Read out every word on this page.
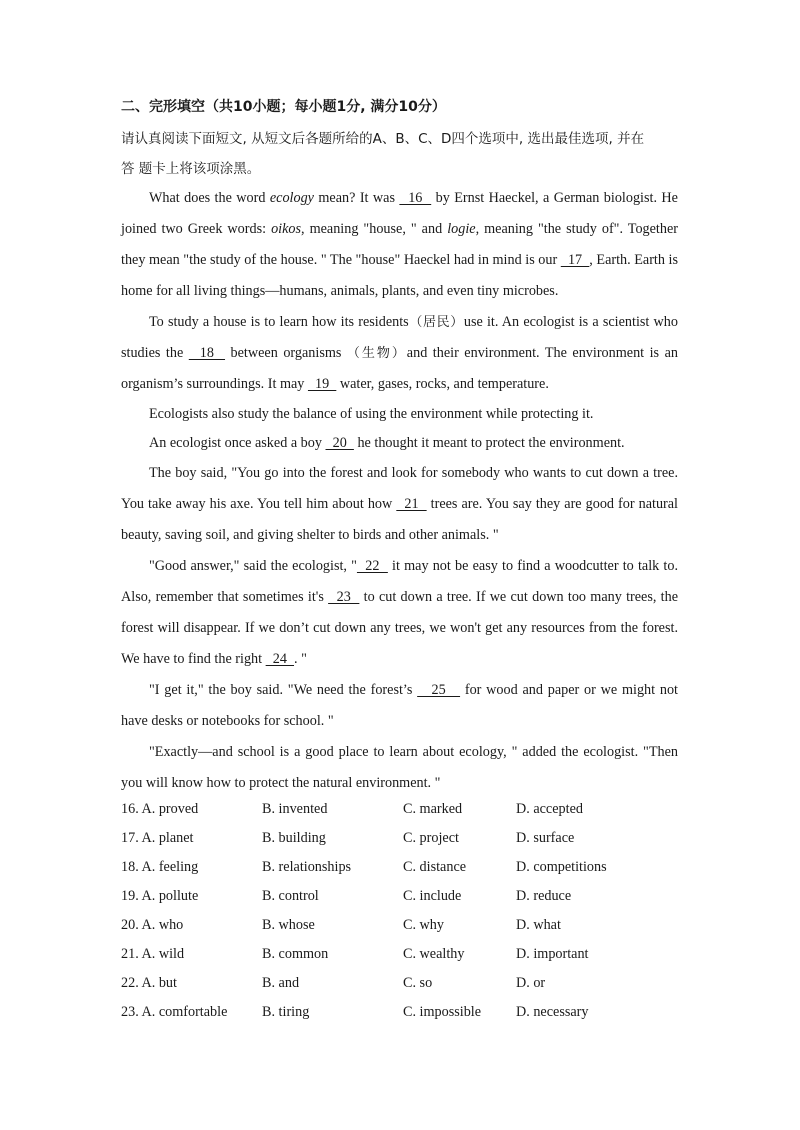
二、完形填空（共10小题；每小题1分, 满分10分）
请认真阅读下面短文, 从短文后各题所给的A、B、C、D四个选项中, 选出最佳选项, 并在
答 题卡上将该项涂黑。

What does the word ecology mean? It was   16   by Ernst Haeckel, a German biologist. He joined two Greek words: oikos, meaning "house, " and logie, meaning "the study of". Together they mean "the study of the house. " The "house" Haeckel had in mind is our   17  , Earth. Earth is home for all living things—humans, animals, plants, and even tiny microbes.

To study a house is to learn how its residents（居民）use it. An ecologist is a scientist who studies the   18   between organisms （生物）and their environment. The environment is an organism’s surroundings. It may   19   water, gases, rocks, and temperature.

Ecologists also study the balance of using the environment while protecting it.

An ecologist once asked a boy   20   he thought it meant to protect the environment.

The boy said, "You go into the forest and look for somebody who wants to cut down a tree. You take away his axe. You tell him about how   21   trees are. You say they are good for natural beauty, saving soil, and giving shelter to birds and other animals. "

"Good answer," said the ecologist, "  22   it may not be easy to find a woodcutter to talk to. Also, remember that sometimes it's   23   to cut down a tree. If we cut down too many trees, the forest will disappear. If we don’t cut down any trees, we won't get any resources from the forest. We have to find the right   24  . "

"I get it," the boy said. "We need the forest’s    25    for wood and paper or we might not have desks or notebooks for school. "

"Exactly—and school is a good place to learn about ecology, " added the ecologist. "Then you will know how to protect the natural environment. "

16. A. proved	B. invented	C. marked	D. accepted
17. A. planet	B. building	C. project	D. surface
18. A. feeling	B. relationships	C. distance	D. competitions
19. A. pollute	B. control	C. include	D. reduce
20. A. who	B. whose	C. why	D. what
21. A. wild	B. common	C. wealthy	D. important
22. A. but	B. and	C. so	D. or
23. A. comfortable B. tiring	C. impossible D. necessary
